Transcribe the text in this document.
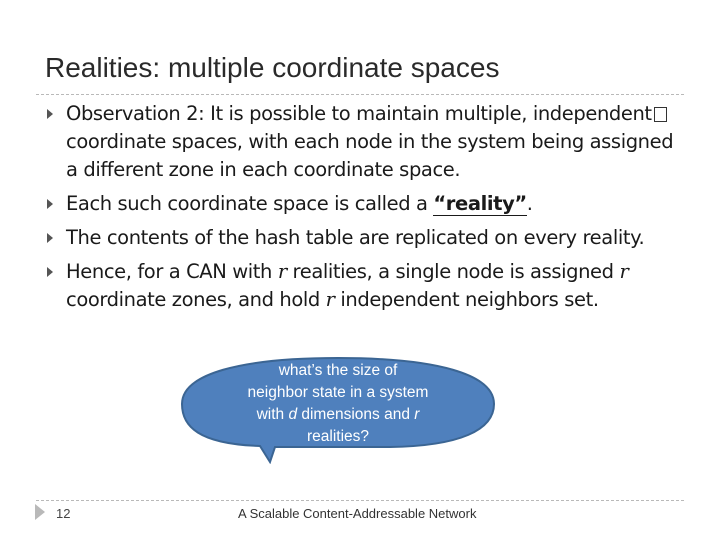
Realities: multiple coordinate spaces
Observation 2: It is possible to maintain multiple, independent coordinate spaces, with each node in the system being assigned a different zone in each coordinate space.
Each such coordinate space is called a “reality”.
The contents of the hash table are replicated on every reality.
Hence, for a CAN with r realities, a single node is assigned r coordinate zones, and hold r independent neighbors set.
what’s the size of
neighbor state in a system
with d dimensions and r
realities?
12	A Scalable Content-Addressable Network
